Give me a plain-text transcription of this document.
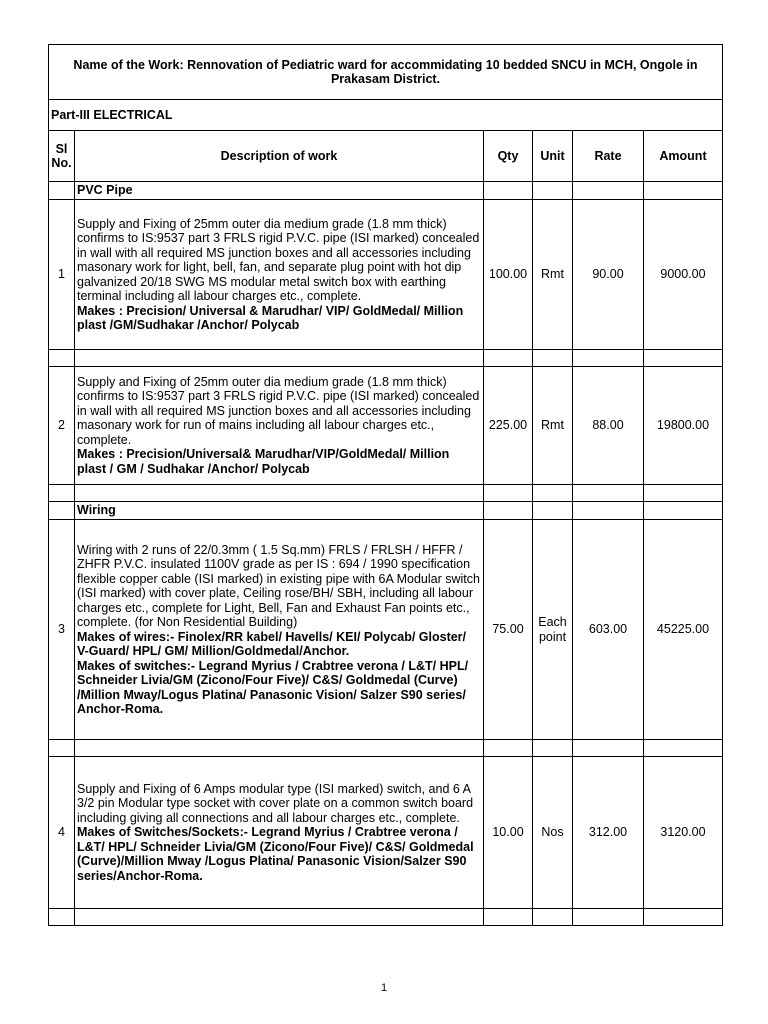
Name of the Work: Rennovation of Pediatric ward for accommidating 10 bedded SNCU in MCH, Ongole in Prakasam District.					
Part-III ELECTRICAL					
Sl No.	Description of work	Qty	Unit	Rate	Amount
	PVC Pipe				
1	Supply and Fixing of 25mm outer dia medium grade (1.8 mm thick) confirms to IS:9537 part 3 FRLS rigid P.V.C. pipe (ISI marked) concealed in wall with all required MS junction boxes and all accessories including masonary work for light, bell, fan, and separate plug point with hot dip galvanized 20/18 SWG MS modular metal switch box with earthing terminal including all labour charges etc., complete.
Makes : Precision/ Universal & Marudhar/ VIP/ GoldMedal/ Million plast /GM/Sudhakar /Anchor/ Polycab	100.00	Rmt	90.00	9000.00

2	Supply and Fixing of 25mm outer dia medium grade (1.8 mm thick) confirms to IS:9537 part 3 FRLS rigid P.V.C. pipe (ISI marked) concealed in wall with all required MS junction boxes and all accessories including masonary work for run of mains including all labour charges etc., complete.
Makes : Precision/Universal& Marudhar/VIP/GoldMedal/ Million plast / GM / Sudhakar /Anchor/ Polycab	225.00	Rmt	88.00	19800.00

	Wiring				
3	Wiring with 2 runs of 22/0.3mm ( 1.5 Sq.mm) FRLS / FRLSH / HFFR / ZHFR P.V.C. insulated 1100V grade as per IS : 694 / 1990 specification flexible copper cable (ISI marked) in existing pipe with 6A Modular switch (ISI marked) with cover plate, Ceiling rose/BH/ SBH, including all labour charges etc., complete for Light, Bell, Fan and Exhaust Fan points etc., complete. (for Non Residential Building)
Makes of wires:- Finolex/RR kabel/ Havells/ KEI/ Polycab/ Gloster/ V-Guard/ HPL/ GM/ Million/Goldmedal/Anchor.
Makes of switches:- Legrand Myrius / Crabtree verona / L&T/ HPL/ Schneider Livia/GM (Zicono/Four Five)/ C&S/ Goldmedal (Curve) /Million Mway/Logus Platina/ Panasonic Vision/ Salzer S90 series/ Anchor-Roma.	75.00	Each point	603.00	45225.00

4	Supply and Fixing of 6 Amps modular type (ISI marked) switch, and 6 A 3/2 pin Modular type socket with cover plate on a common switch board including giving all connections and all labour charges etc., complete.
Makes of Switches/Sockets:- Legrand Myrius / Crabtree verona / L&T/ HPL/ Schneider Livia/GM (Zicono/Four Five)/ C&S/ Goldmedal (Curve)/Million Mway /Logus Platina/ Panasonic Vision/Salzer S90 series/Anchor-Roma.	10.00	Nos	312.00	3120.00

1
